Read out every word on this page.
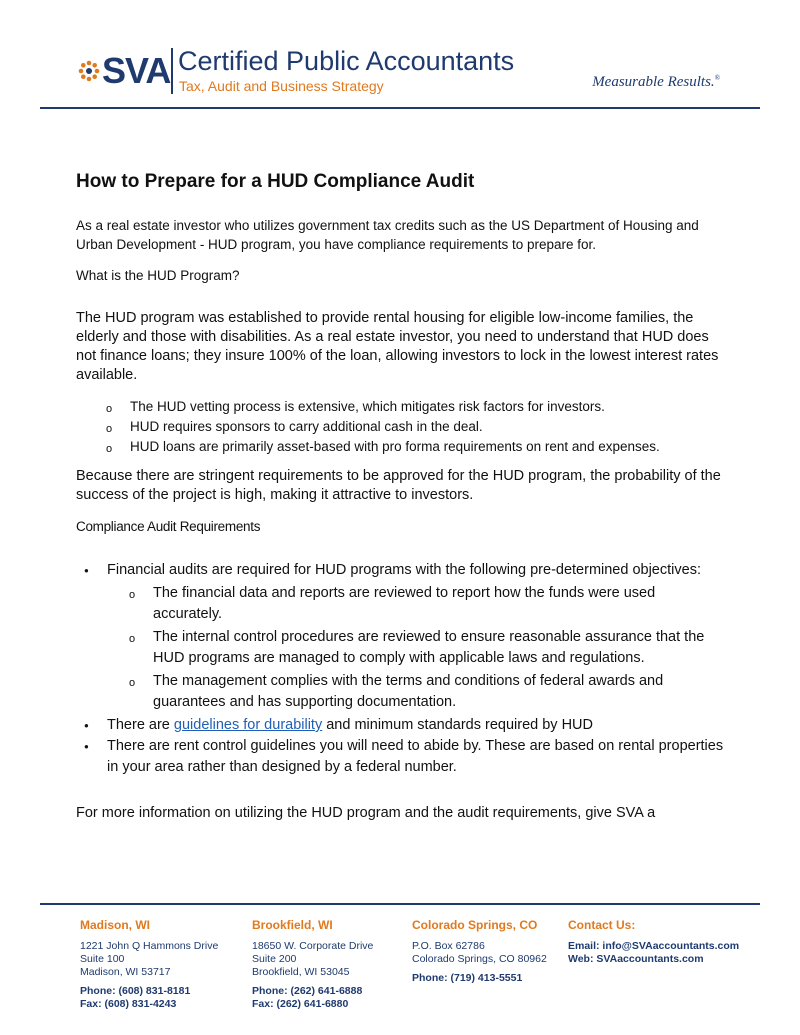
SVA Certified Public Accountants
Tax, Audit and Business Strategy	Measurable Results.®
How to Prepare for a HUD Compliance Audit

As a real estate investor who utilizes government tax credits such as the US Department of Housing and Urban Development - HUD program, you have compliance requirements to prepare for.

What is the HUD Program?

The HUD program was established to provide rental housing for eligible low-income families, the elderly and those with disabilities. As a real estate investor, you need to understand that HUD does not finance loans; they insure 100% of the loan, allowing investors to lock in the lowest interest rates available.

o The HUD vetting process is extensive, which mitigates risk factors for investors.
o HUD requires sponsors to carry additional cash in the deal.
o HUD loans are primarily asset-based with pro forma requirements on rent and expenses.

Because there are stringent requirements to be approved for the HUD program, the probability of the success of the project is high, making it attractive to investors.

Compliance Audit Requirements

● Financial audits are required for HUD programs with the following pre-determined objectives:
o The financial data and reports are reviewed to report how the funds were used accurately.
o The internal control procedures are reviewed to ensure reasonable assurance that the HUD programs are managed to comply with applicable laws and regulations.
o The management complies with the terms and conditions of federal awards and guarantees and has supporting documentation.
● There are guidelines for durability and minimum standards required by HUD
● There are rent control guidelines you will need to abide by. These are based on rental properties in your area rather than designed by a federal number.

For more information on utilizing the HUD program and the audit requirements, give SVA a

Madison, WI
1221 John Q Hammons Drive
Suite 100
Madison, WI 53717
Phone: (608) 831-8181
Fax: (608) 831-4243
Brookfield, WI
18650 W. Corporate Drive
Suite 200
Brookfield, WI 53045
Phone: (262) 641-6888
Fax: (262) 641-6880
Colorado Springs, CO
P.O. Box 62786
Colorado Springs, CO 80962
Phone: (719) 413-5551
Contact Us:
Email: info@SVAaccountants.com
Web: SVAaccountants.com
